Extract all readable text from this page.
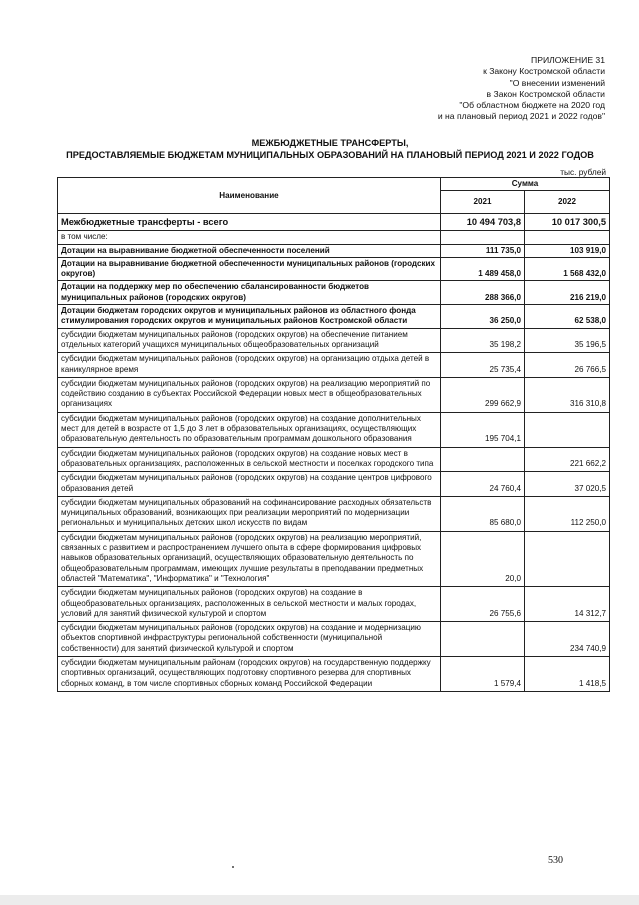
ПРИЛОЖЕНИЕ 31
к Закону Костромской области
"О внесении изменений
в Закон Костромской области
"Об областном бюджете на 2020 год
и на плановый период 2021 и 2022 годов"
МЕЖБЮДЖЕТНЫЕ ТРАНСФЕРТЫ,
ПРЕДОСТАВЛЯЕМЫЕ БЮДЖЕТАМ МУНИЦИПАЛЬНЫХ ОБРАЗОВАНИЙ НА ПЛАНОВЫЙ ПЕРИОД 2021 И 2022 ГОДОВ
тыс. рублей
Наименование	Сумма	
	2021	2022
Межбюджетные трансферты - всего	10 494 703,8	10 017 300,5
в том числе:		
Дотации на выравнивание бюджетной обеспеченности поселений	111 735,0	103 919,0
Дотации на выравнивание бюджетной обеспеченности муниципальных районов (городских округов)	1 489 458,0	1 568 432,0
Дотации на поддержку мер по обеспечению сбалансированности бюджетов муниципальных районов (городских округов)	288 366,0	216 219,0
Дотации бюджетам городских округов и муниципальных районов из областного фонда стимулирования городских округов и муниципальных районов Костромской области	36 250,0	62 538,0
субсидии бюджетам муниципальных районов (городских округов) на обеспечение питанием отдельных категорий учащихся муниципальных общеобразовательных организаций	35 198,2	35 196,5
субсидии бюджетам муниципальных районов (городских округов) на организацию отдыха детей в каникулярное время	25 735,4	26 766,5
субсидии бюджетам муниципальных районов (городских округов) на реализацию мероприятий по содействию созданию в субъектах Российской Федерации новых мест в общеобразовательных организациях	299 662,9	316 310,8
субсидии бюджетам муниципальных районов (городских округов) на создание дополнительных мест для детей в возрасте от 1,5 до 3 лет в образовательных организациях, осуществляющих образовательную деятельность по образовательным программам дошкольного образования	195 704,1	
субсидии бюджетам муниципальных районов (городских округов) на создание новых мест в образовательных организациях, расположенных в сельской местности и поселках городского типа		221 662,2
субсидии бюджетам муниципальных районов (городских округов) на создание центров цифрового образования детей	24 760,4	37 020,5
субсидии бюджетам муниципальных образований на софинансирование расходных обязательств муниципальных образований, возникающих при реализации мероприятий по модернизации региональных и муниципальных детских школ искусств по видам	85 680,0	112 250,0
субсидии бюджетам муниципальных районов (городских округов) на реализацию мероприятий, связанных с развитием и распространением лучшего опыта в сфере формирования цифровых навыков образовательных организаций, осуществляющих образовательную деятельность по общеобразовательным программам, имеющих лучшие результаты в преподавании предметных областей "Математика", "Информатика" и "Технология"	20,0	
субсидии бюджетам муниципальных районов (городских округов) на создание в общеобразовательных организациях, расположенных в сельской местности и малых городах, условий для занятий физической культурой и спортом	26 755,6	14 312,7
субсидии бюджетам муниципальных районов (городских округов) на создание и модернизацию объектов спортивной инфраструктуры региональной собственности (муниципальной собственности) для занятий физической культурой и спортом		234 740,9
субсидии бюджетам муниципальным районам (городских округов) на государственную поддержку спортивных организаций, осуществляющих подготовку спортивного резерва для спортивных сборных команд, в том числе спортивных сборных команд Российской Федерации	1 579,4	1 418,5
530
